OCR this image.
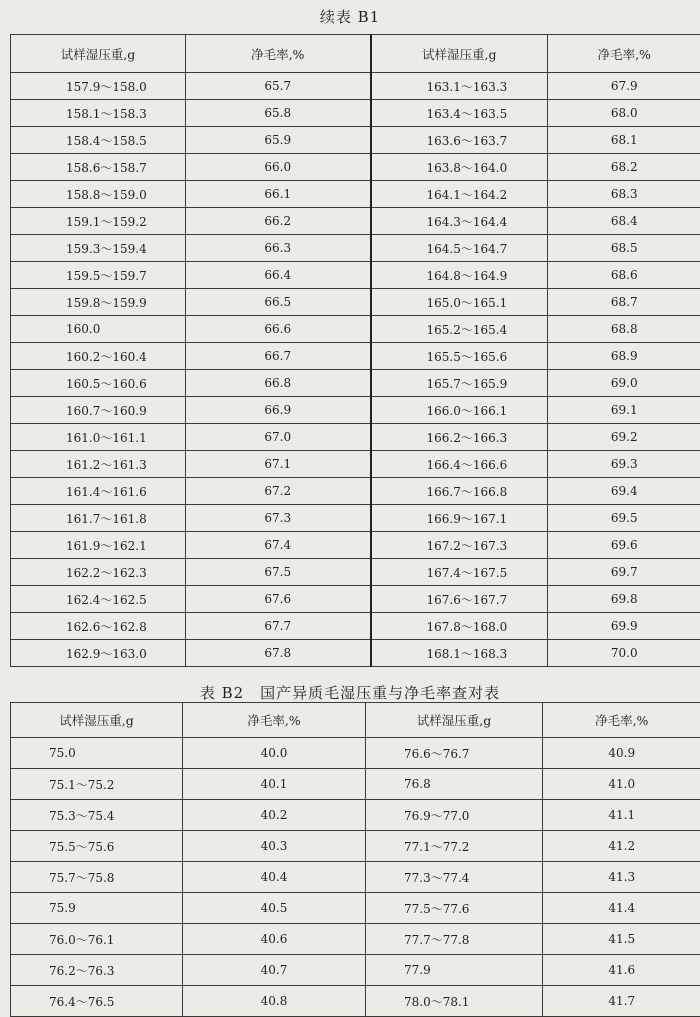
续表 B1
试样湿压重,g	净毛率,%	试样湿压重,g	净毛率,%
157.9～158.0	65.7	163.1～163.3	67.9
158.1～158.3	65.8	163.4～163.5	68.0
158.4～158.5	65.9	163.6～163.7	68.1
158.6～158.7	66.0	163.8～164.0	68.2
158.8～159.0	66.1	164.1～164.2	68.3
159.1～159.2	66.2	164.3～164.4	68.4
159.3～159.4	66.3	164.5～164.7	68.5
159.5～159.7	66.4	164.8～164.9	68.6
159.8～159.9	66.5	165.0～165.1	68.7
160.0	66.6	165.2～165.4	68.8
160.2～160.4	66.7	165.5～165.6	68.9
160.5～160.6	66.8	165.7～165.9	69.0
160.7～160.9	66.9	166.0～166.1	69.1
161.0～161.1	67.0	166.2～166.3	69.2
161.2～161.3	67.1	166.4～166.6	69.3
161.4～161.6	67.2	166.7～166.8	69.4
161.7～161.8	67.3	166.9～167.1	69.5
161.9～162.1	67.4	167.2～167.3	69.6
162.2～162.3	67.5	167.4～167.5	69.7
162.4～162.5	67.6	167.6～167.7	69.8
162.6～162.8	67.7	167.8～168.0	69.9
162.9～163.0	67.8	168.1～168.3	70.0
表 B2　国产异质毛湿压重与净毛率查对表
试样湿压重,g	净毛率,%	试样湿压重,g	净毛率,%
75.0	40.0	76.6～76.7	40.9
75.1～75.2	40.1	76.8	41.0
75.3～75.4	40.2	76.9～77.0	41.1
75.5～75.6	40.3	77.1～77.2	41.2
75.7～75.8	40.4	77.3～77.4	41.3
75.9	40.5	77.5～77.6	41.4
76.0～76.1	40.6	77.7～77.8	41.5
76.2～76.3	40.7	77.9	41.6
76.4～76.5	40.8	78.0～78.1	41.7
